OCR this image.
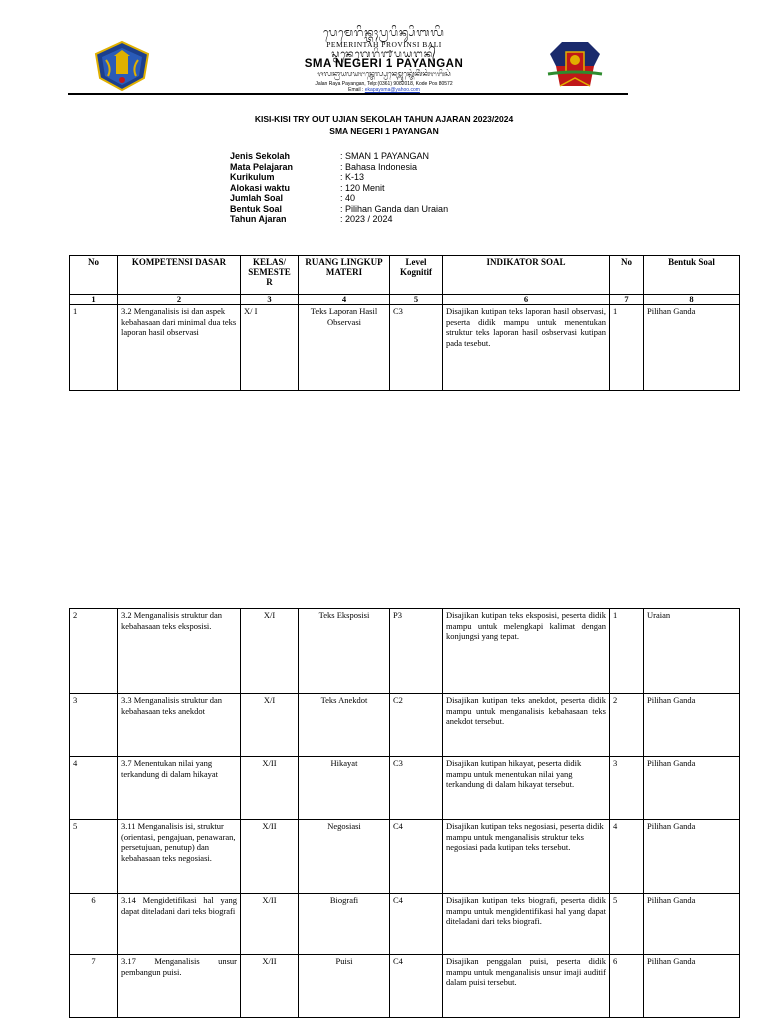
ᬧᬾᬫᬾᬭᬶᬦ᭄ᬢᬄᬧ᭄ᬭᬧᬶᬦ᭄ᬲᬶᬩᬮᬶ
PEMERINTAH PROVINSI BALI
ᬲ᭄ᬫᬦᬾᬕᬾᬭᬶ᭑ᬧᬬᬗᬦ᭄
SMA NEGERI 1 PAYANGAN
ᬚᬮᬦ᭄ᬭᬵᬬᬧᬬᬗᬦ᭄ᬢᬾᬮ᭄ᬧ᭄ᬯᬦᬾᬫ᭄ᬩᬸᬓ᭄ᬢᬾᬂᬓᬶᬃᬓᬂᬗᬩᬶᬲᬂ
Jalan Raya Payangan, Telp:(0361) 9082018, Kode Pos 80572
Email : ekapaysma@yahoo.com
KISI-KISI TRY OUT UJIAN SEKOLAH TAHUN AJARAN 2023/2024
SMA NEGERI 1 PAYANGAN
Jenis Sekolah	: SMAN 1 PAYANGAN
Mata Pelajaran	: Bahasa Indonesia
Kurikulum	: K-13
Alokasi waktu	: 120 Menit
Jumlah Soal	: 40
Bentuk Soal	: Pilihan Ganda dan Uraian
Tahun Ajaran	: 2023 / 2024
No	KOMPETENSI DASAR	KELAS/ SEMESTE R	RUANG LINGKUP MATERI	Level Kognitif	INDIKATOR SOAL	No	Bentuk Soal
1	2	3	4	5	6	7	8
1	3.2 Menganalisis isi dan aspek kebahasaan dari minimal dua teks laporan hasil observasi	X/ I	Teks Laporan Hasil Observasi	C3	Disajikan kutipan teks laporan hasil observasi, peserta didik mampu untuk menentukan struktur teks laporan hasil osbservasi kutipan pada tesebut.	1	Pilihan Ganda
2	3.2 Menganalisis struktur dan kebahasaan teks eksposisi.	X/I	Teks Eksposisi	P3	Disajikan kutipan teks eksposisi, peserta didik mampu untuk melengkapi kalimat dengan konjungsi yang tepat.	1	Uraian
3	3.3 Menganalisis struktur dan kebahasaan teks anekdot	X/I	Teks Anekdot	C2	Disajikan kutipan teks anekdot, peserta didik mampu untuk menganalisis kebahasaan teks anekdot tersebut.	2	Pilihan Ganda
4	3.7 Menentukan nilai yang terkandung di dalam hikayat	X/II	Hikayat	C3	Disajikan kutipan hikayat, peserta didik mampu untuk menentukan nilai yang terkandung di dalam hikayat tersebut.	3	Pilihan Ganda
5	3.11 Menganalisis isi, struktur (orientasi, pengajuan, penawaran, persetujuan, penutup) dan kebahasaan teks negosiasi.	X/II	Negosiasi	C4	Disajikan kutipan teks negosiasi, peserta didik mampu untuk menganalisis struktur teks negosiasi pada kutipan teks tersebut.	4	Pilihan Ganda
6	3.14 Mengidetifikasi hal yang dapat diteladani dari teks biografi	X/II	Biografi	C4	Disajikan kutipan teks biografi, peserta didik mampu untuk mengidentifikasi hal yang dapat diteladani dari teks biografi.	5	Pilihan Ganda
7	3.17 Menganalisis unsur pembangun puisi.	X/II	Puisi	C4	Disajikan penggalan puisi, peserta didik mampu untuk menganalisis unsur imaji auditif dalam puisi tersebut.	6	Pilihan Ganda
